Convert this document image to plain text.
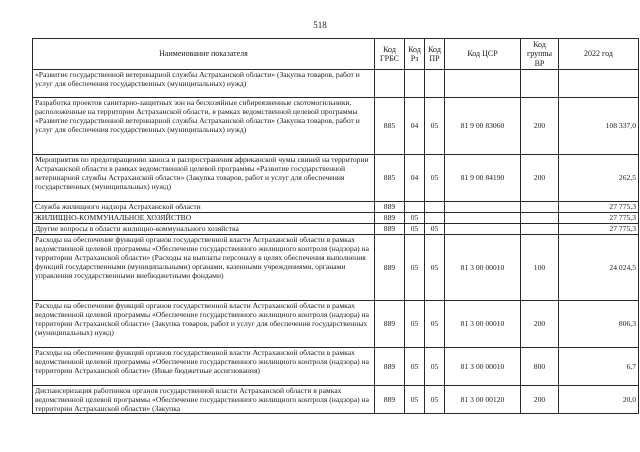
518
Наименование показателя	Код ГРБС	Код Рз	Код ПР	Код ЦСР	Код группы ВР	2022 год
«Развитие государственной ветеринарной службы Астраханской области» (Закупка товаров, работ и услуг для обеспечения государственных (муниципальных) нужд)						
Разработка проектов санитарно-защитных зон на бесхозяйные сибиреязвенные скотомогильники, расположенные на территории Астраханской области, в рамках ведомственной целевой программы «Развитие государственной ветеринарной службы Астраханской области» (Закупка товаров, работ и услуг для обеспечения государственных (муниципальных) нужд)	885	04	05	81 9 00 83060	200	108 337,0
Мероприятия по предотвращению заноса и распространения африканской чумы свиней на территории Астраханской области в рамках ведомственной целевой программы «Развитие государственной ветеринарной службы Астраханской области» (Закупка товаров, работ и услуг для обеспечения государственных (муниципальных) нужд)	885	04	05	81 9 00 84190	200	262,5
Служба жилищного надзора Астраханской области	889					27 775,3
ЖИЛИЩНО-КОММУНАЛЬНОЕ ХОЗЯЙСТВО	889	05				27 775,3
Другие вопросы в области жилищно-коммунального хозяйства	889	05	05			27 775,3
Расходы на обеспечение функций органов государственной власти Астраханской области в рамках ведомственной целевой программы «Обеспечение государственного жилищного контроля (надзора) на территории Астраханской области» (Расходы на выплаты персоналу в целях обеспечения выполнения функций государственными (муниципальными) органами, казенными учреждениями, органами управления государственными внебюджетными фондами)	889	05	05	81 3 00 00010	100	24 024,5
Расходы на обеспечение функций органов государственной власти Астраханской области в рамках ведомственной целевой программы «Обеспечение государственного жилищного контроля (надзора) на территории Астраханской области» (Закупка товаров, работ и услуг для обеспечения государственных (муниципальных) нужд)	889	05	05	81 3 00 00010	200	806,3
Расходы на обеспечение функций органов государственной власти Астраханской области в рамках ведомственной целевой программы «Обеспечение государственного жилищного контроля (надзора) на территории Астраханской области» (Иные бюджетные ассигнования)	889	05	05	81 3 00 00010	800	6,7
Диспансеризация работников органов государственной власти Астраханской области в рамках ведомственной целевой программы «Обеспечение государственного жилищного контроля (надзора) на территории Астраханской области» (Закупка	889	05	05	81 3 00 00120	200	20,0
